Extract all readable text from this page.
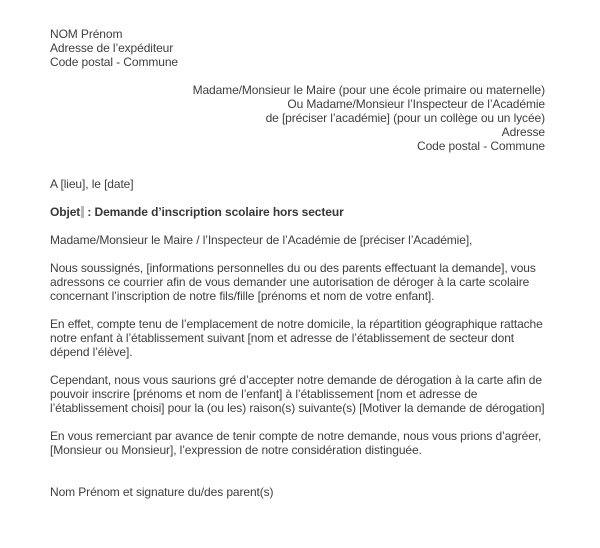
NOM Prénom
Adresse de l’expéditeur
Code postal - Commune
Madame/Monsieur le Maire (pour une école primaire ou maternelle)
Ou Madame/Monsieur l’Inspecteur de l’Académie
de [préciser l’académie] (pour un collège ou un lycée)
Adresse
Code postal - Commune
A [lieu], le [date]
Objet : Demande d’inscription scolaire hors secteur
Madame/Monsieur le Maire / l’Inspecteur de l’Académie de [préciser l’Académie],
Nous soussignés, [informations personnelles du ou des parents effectuant la demande], vous adressons ce courrier afin de vous demander une autorisation de déroger à la carte scolaire concernant l’inscription de notre fils/fille [prénoms et nom de votre enfant].
En effet, compte tenu de l’emplacement de notre domicile, la répartition géographique rattache notre enfant à l’établissement suivant [nom et adresse de l’établissement de secteur dont dépend l’élève].
Cependant, nous vous saurions gré d’accepter notre demande de dérogation à la carte afin de pouvoir inscrire [prénoms et nom de l’enfant] à l’établissement [nom et adresse de l’établissement choisi] pour la (ou les) raison(s) suivante(s) [Motiver la demande de dérogation]
En vous remerciant par avance de tenir compte de notre demande, nous vous prions d’agréer, [Monsieur ou Monsieur], l’expression de notre considération distinguée.
Nom Prénom et signature du/des parent(s)
